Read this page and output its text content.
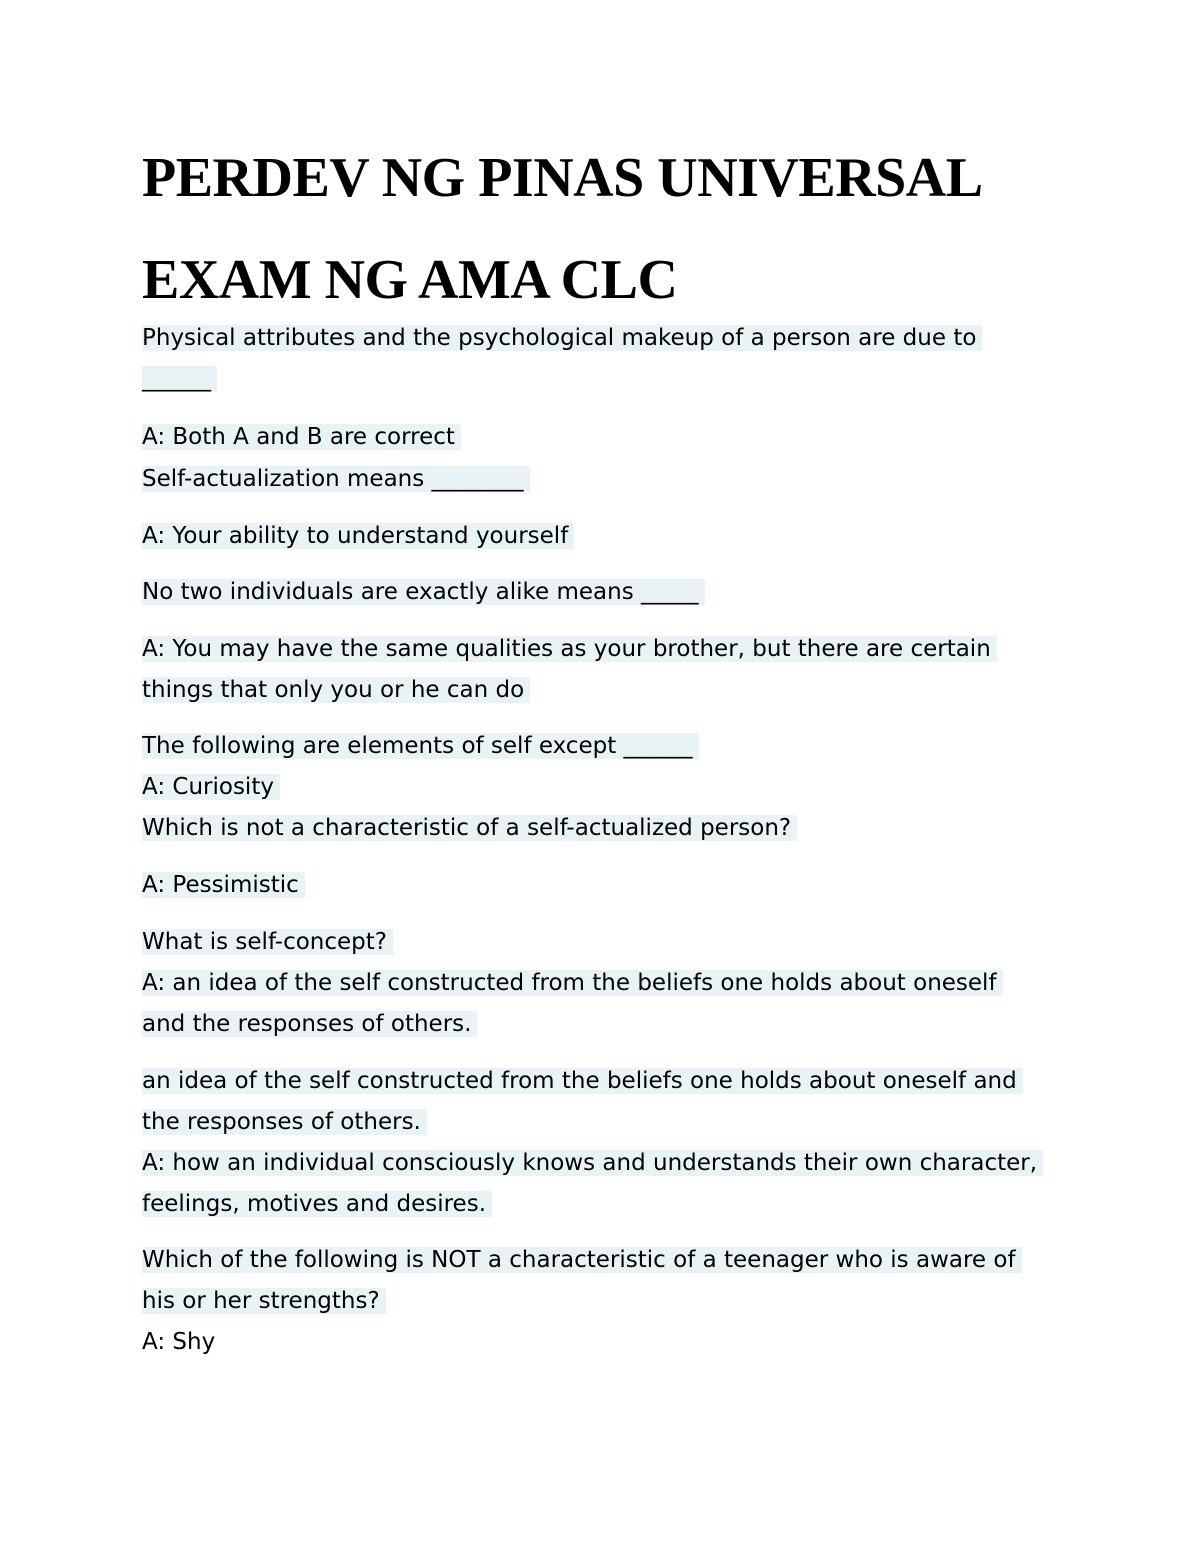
PERDEV NG PINAS UNIVERSAL
EXAM NG AMA CLC
Physical attributes and the psychological makeup of a person are due to
______
A: Both A and B are correct
Self-actualization means ________
A: Your ability to understand yourself
No two individuals are exactly alike means _____
A: You may have the same qualities as your brother, but there are certain
things that only you or he can do
The following are elements of self except ______
A: Curiosity
Which is not a characteristic of a self-actualized person?
A: Pessimistic
What is self-concept?
A: an idea of the self constructed from the beliefs one holds about oneself
and the responses of others.
an idea of the self constructed from the beliefs one holds about oneself and
the responses of others.
A: how an individual consciously knows and understands their own character,
feelings, motives and desires.
Which of the following is NOT a characteristic of a teenager who is aware of
his or her strengths?
A: Shy
